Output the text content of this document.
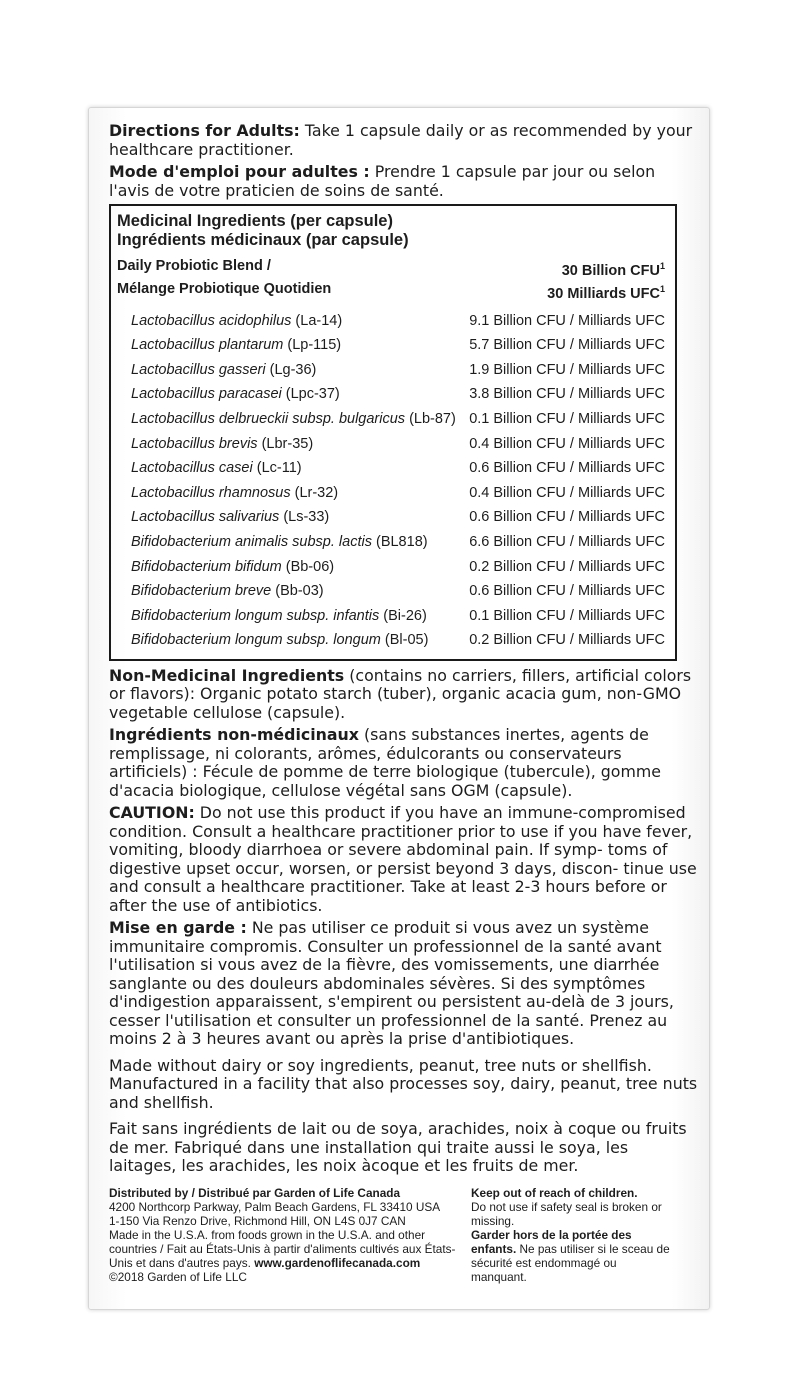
Directions for Adults: Take 1 capsule daily or as recommended by your healthcare practitioner.

Mode d'emploi pour adultes : Prendre 1 capsule par jour ou selon l'avis de votre praticien de soins de santé.

Medicinal Ingredients (per capsule)
Ingrédients médicinaux (par capsule)
Daily Probiotic Blend /	30 Billion CFU$^1$
Mélange Probiotique Quotidien	30 Milliards UFC$^1$
Lactobacillus acidophilus (La-14)	9.1 Billion CFU / Milliards UFC
Lactobacillus plantarum (Lp-115)	5.7 Billion CFU / Milliards UFC
Lactobacillus gasseri (Lg-36)	1.9 Billion CFU / Milliards UFC
Lactobacillus paracasei (Lpc-37)	3.8 Billion CFU / Milliards UFC
Lactobacillus delbrueckii subsp. bulgaricus (Lb-87) 0.1 Billion CFU / Milliards UFC
Lactobacillus brevis (Lbr-35)	0.4 Billion CFU / Milliards UFC
Lactobacillus casei (Lc-11)	0.6 Billion CFU / Milliards UFC
Lactobacillus rhamnosus (Lr-32)	0.4 Billion CFU / Milliards UFC
Lactobacillus salivarius (Ls-33)	0.6 Billion CFU / Milliards UFC
Bifidobacterium animalis subsp. lactis (BL818)	6.6 Billion CFU / Milliards UFC
Bifidobacterium bifidum (Bb-06)	0.2 Billion CFU / Milliards UFC
Bifidobacterium breve (Bb-03)	0.6 Billion CFU / Milliards UFC
Bifidobacterium longum subsp. infantis (Bi-26)	0.1 Billion CFU / Milliards UFC
Bifidobacterium longum subsp. longum (Bl-05)	0.2 Billion CFU / Milliards UFC

Non-Medicinal Ingredients (contains no carriers, fillers, artificial colors or flavors): Organic potato starch (tuber), organic acacia gum, non-GMO vegetable cellulose (capsule).

Ingrédients non-médicinaux (sans substances inertes, agents de remplissage, ni colorants, arômes, édulcorants ou conservateurs artificiels) : Fécule de pomme de terre biologique (tubercule), gomme d'acacia biologique, cellulose végétal sans OGM (capsule).

CAUTION: Do not use this product if you have an immune-compromised condition. Consult a healthcare practitioner prior to use if you have fever, vomiting, bloody diarrhoea or severe abdominal pain. If symp- toms of digestive upset occur, worsen, or persist beyond 3 days, discon- tinue use and consult a healthcare practitioner. Take at least 2-3 hours before or after the use of antibiotics.

Mise en garde : Ne pas utiliser ce produit si vous avez un système immunitaire compromis. Consulter un professionnel de la santé avant l'utilisation si vous avez de la fièvre, des vomissements, une diarrhée sanglante ou des douleurs abdominales sévères. Si des symptômes d'indigestion apparaissent, s'empirent ou persistent au-delà de 3 jours, cesser l'utilisation et consulter un professionnel de la santé. Prenez au moins 2 à 3 heures avant ou après la prise d'antibiotiques.

Made without dairy or soy ingredients, peanut, tree nuts or shellfish. Manufactured in a facility that also processes soy, dairy, peanut, tree nuts and shellfish.

Fait sans ingrédients de lait ou de soya, arachides, noix à coque ou fruits de mer. Fabriqué dans une installation qui traite aussi le soya, les laitages, les arachides, les noix àcoque et les fruits de mer.

Distributed by / Distribué par Garden of Life Canada
4200 Northcorp Parkway, Palm Beach Gardens, FL 33410 USA
1-150 Via Renzo Drive, Richmond Hill, ON L4S 0J7 CAN
Made in the U.S.A. from foods grown in the U.S.A. and other countries / Fait au États-Unis à partir d'aliments cultivés aux États-Unis et dans d'autres pays. www.gardenoflifecanada.com
©2018 Garden of Life LLC
Keep out of reach of children.
Do not use if safety seal is broken or missing.
Garder hors de la portée des enfants. Ne pas utiliser si le sceau de sécurité est endommagé ou manquant.
